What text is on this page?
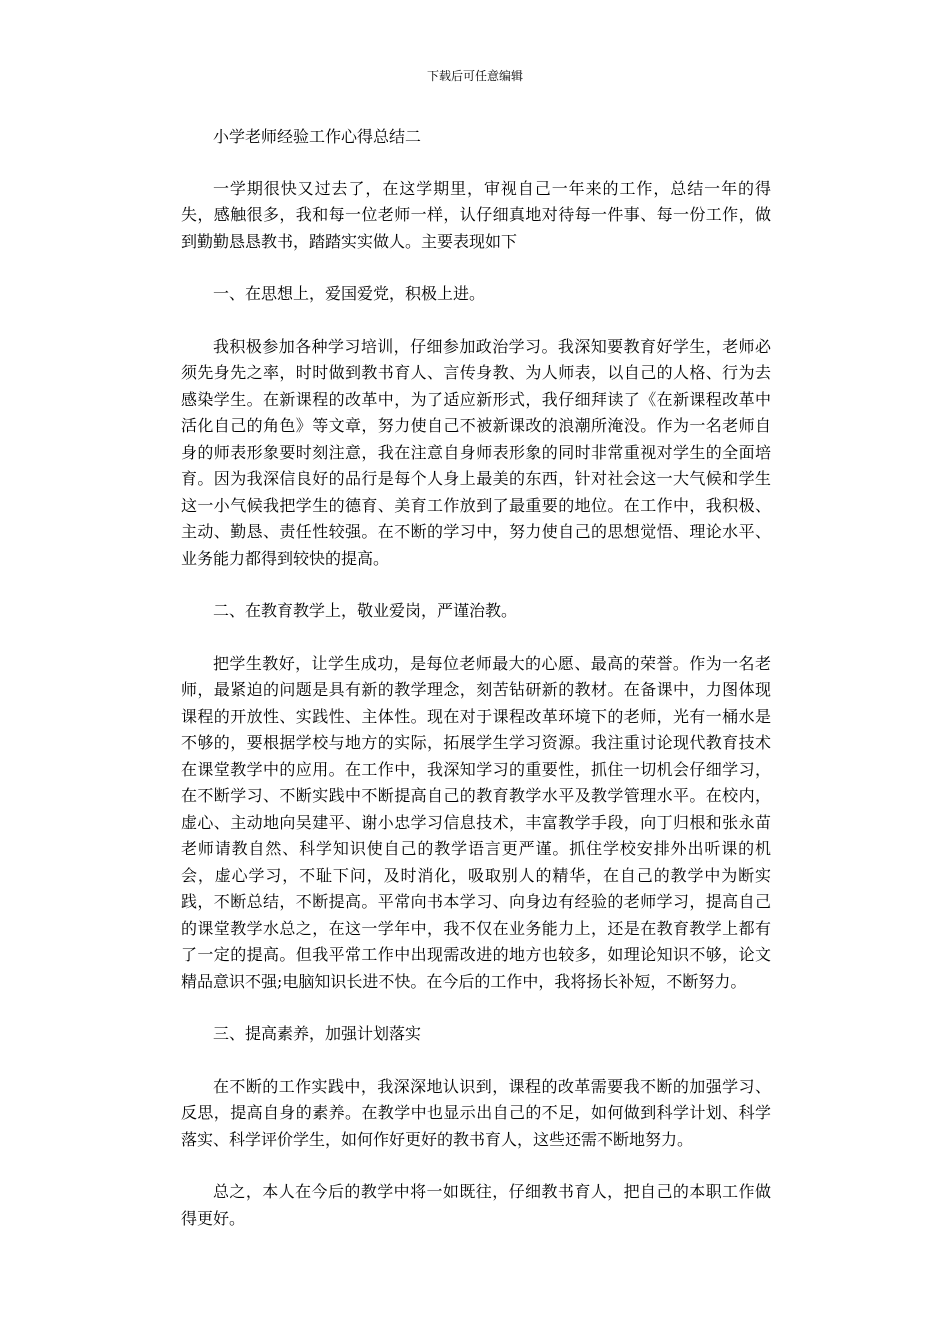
下载后可任意编辑

小学老师经验工作心得总结二

一学期很快又过去了，在这学期里，审视自己一年来的工作，总结一年的得失，感触很多，我和每一位老师一样，认仔细真地对待每一件事、每一份工作，做到勤勤恳恳教书，踏踏实实做人。主要表现如下

一、在思想上，爱国爱党，积极上进。

我积极参加各种学习培训，仔细参加政治学习。我深知要教育好学生，老师必须先身先之率，时时做到教书育人、言传身教、为人师表，以自己的人格、行为去感染学生。在新课程的改革中，为了适应新形式，我仔细拜读了《在新课程改革中活化自己的角色》等文章，努力使自己不被新课改的浪潮所淹没。作为一名老师自身的师表形象要时刻注意，我在注意自身师表形象的同时非常重视对学生的全面培育。因为我深信良好的品行是每个人身上最美的东西，针对社会这一大气候和学生这一小气候我把学生的德育、美育工作放到了最重要的地位。在工作中，我积极、主动、勤恳、责任性较强。在不断的学习中，努力使自己的思想觉悟、理论水平、业务能力都得到较快的提高。

二、在教育教学上，敬业爱岗，严谨治教。

把学生教好，让学生成功，是每位老师最大的心愿、最高的荣誉。作为一名老师，最紧迫的问题是具有新的教学理念，刻苦钻研新的教材。在备课中，力图体现课程的开放性、实践性、主体性。现在对于课程改革环境下的老师，光有一桶水是不够的，要根据学校与地方的实际，拓展学生学习资源。我注重讨论现代教育技术在课堂教学中的应用。在工作中，我深知学习的重要性，抓住一切机会仔细学习，在不断学习、不断实践中不断提高自己的教育教学水平及教学管理水平。在校内，虚心、主动地向吴建平、谢小忠学习信息技术，丰富教学手段，向丁归根和张永苗老师请教自然、科学知识使自己的教学语言更严谨。抓住学校安排外出听课的机会，虚心学习，不耻下问，及时消化，吸取别人的精华，在自己的教学中为断实践，不断总结，不断提高。平常向书本学习、向身边有经验的老师学习，提高自己的课堂教学水总之，在这一学年中，我不仅在业务能力上，还是在教育教学上都有了一定的提高。但我平常工作中出现需改进的地方也较多，如理论知识不够，论文精品意识不强;电脑知识长进不快。在今后的工作中，我将扬长补短，不断努力。

三、提高素养，加强计划落实

在不断的工作实践中，我深深地认识到，课程的改革需要我不断的加强学习、反思，提高自身的素养。在教学中也显示出自己的不足，如何做到科学计划、科学落实、科学评价学生，如何作好更好的教书育人，这些还需不断地努力。

总之，本人在今后的教学中将一如既往，仔细教书育人，把自己的本职工作做得更好。
